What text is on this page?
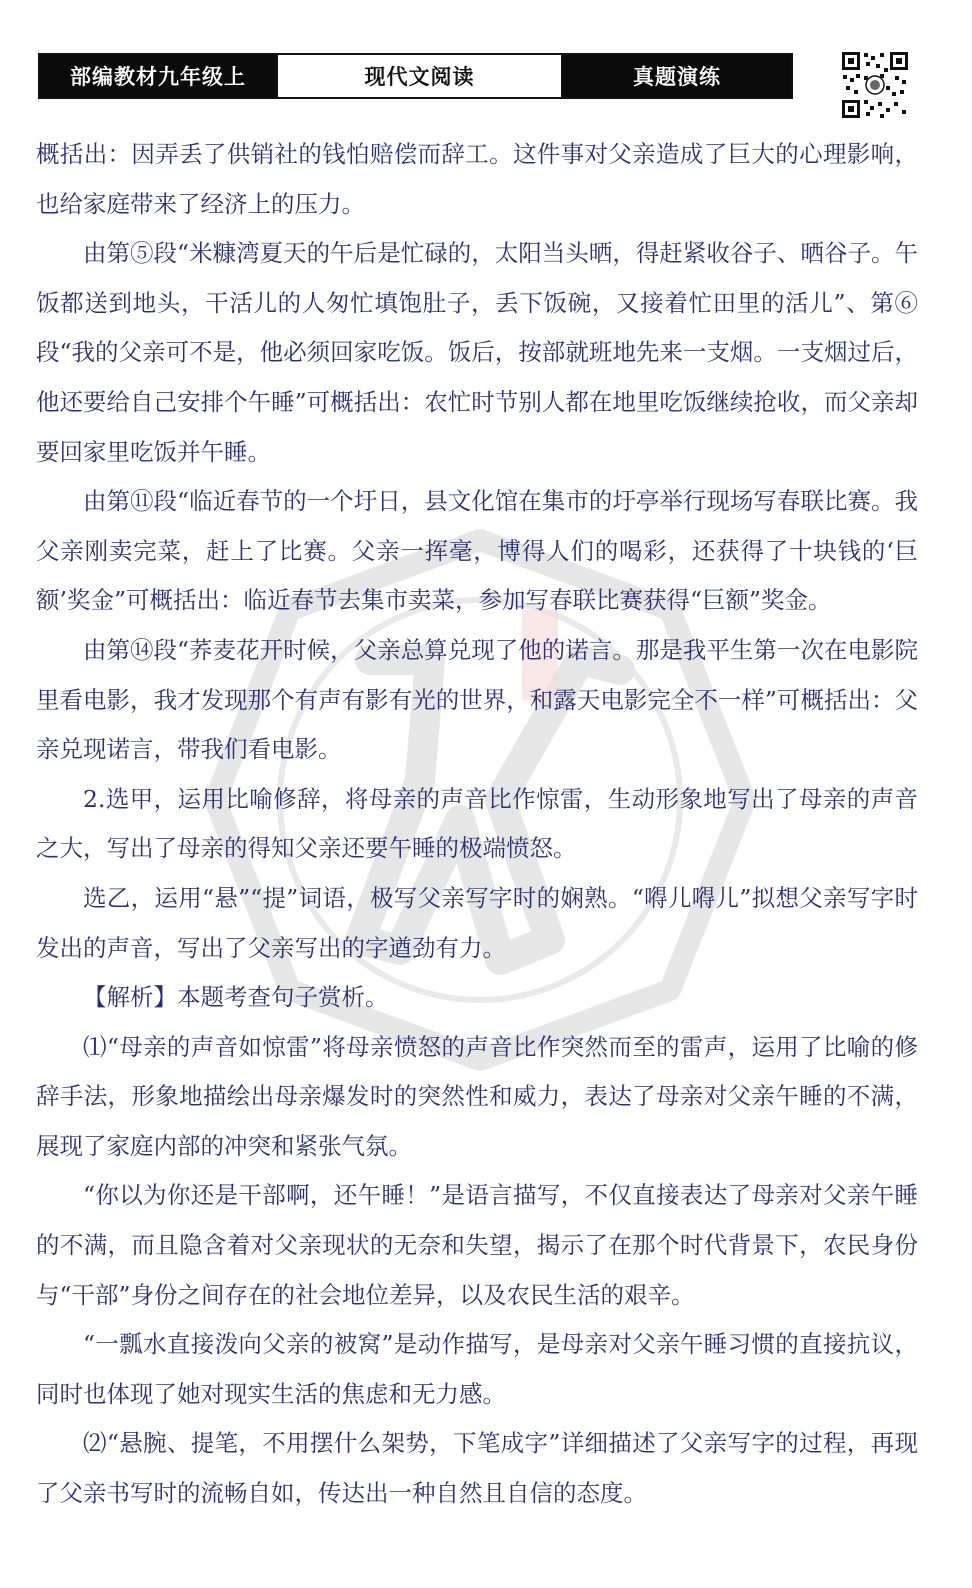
部编教材九年级上	现代文阅读	真题演练

概括出：因弄丢了供销社的钱怕赔偿而辞工。这件事对父亲造成了巨大的心理影响，也给家庭带来了经济上的压力。

由第⑤段“米糠湾夏天的午后是忙碌的，太阳当头晒，得赶紧收谷子、晒谷子。午饭都送到地头，干活儿的人匆忙填饱肚子，丢下饭碗，又接着忙田里的活儿”、第⑥段“我的父亲可不是，他必须回家吃饭。饭后，按部就班地先来一支烟。一支烟过后，他还要给自己安排个午睡”可概括出：农忙时节别人都在地里吃饭继续抢收，而父亲却要回家里吃饭并午睡。

由第⑪段“临近春节的一个圩日，县文化馆在集市的圩亭举行现场写春联比赛。我父亲刚卖完菜，赶上了比赛。父亲一挥毫，博得人们的喝彩，还获得了十块钱的‘巨额’奖金”可概括出：临近春节去集市卖菜，参加写春联比赛获得“巨额”奖金。

由第⑭段“荞麦花开时候，父亲总算兑现了他的诺言。那是我平生第一次在电影院里看电影，我才发现那个有声有影有光的世界，和露天电影完全不一样”可概括出：父亲兑现诺言，带我们看电影。

2.选甲，运用比喻修辞，将母亲的声音比作惊雷，生动形象地写出了母亲的声音之大，写出了母亲的得知父亲还要午睡的极端愤怒。

选乙，运用“悬”“提”词语，极写父亲写字时的娴熟。“嘚儿嘚儿”拟想父亲写字时发出的声音，写出了父亲写出的字遒劲有力。

【解析】本题考查句子赏析。

⑴“母亲的声音如惊雷”将母亲愤怒的声音比作突然而至的雷声，运用了比喻的修辞手法，形象地描绘出母亲爆发时的突然性和威力，表达了母亲对父亲午睡的不满，展现了家庭内部的冲突和紧张气氛。

“你以为你还是干部啊，还午睡！”是语言描写，不仅直接表达了母亲对父亲午睡的不满，而且隐含着对父亲现状的无奈和失望，揭示了在那个时代背景下，农民身份与“干部”身份之间存在的社会地位差异，以及农民生活的艰辛。

“一瓢水直接泼向父亲的被窝”是动作描写，是母亲对父亲午睡习惯的直接抗议，同时也体现了她对现实生活的焦虑和无力感。

⑵“悬腕、提笔，不用摆什么架势，下笔成字”详细描述了父亲写字的过程，再现了父亲书写时的流畅自如，传达出一种自然且自信的态度。
